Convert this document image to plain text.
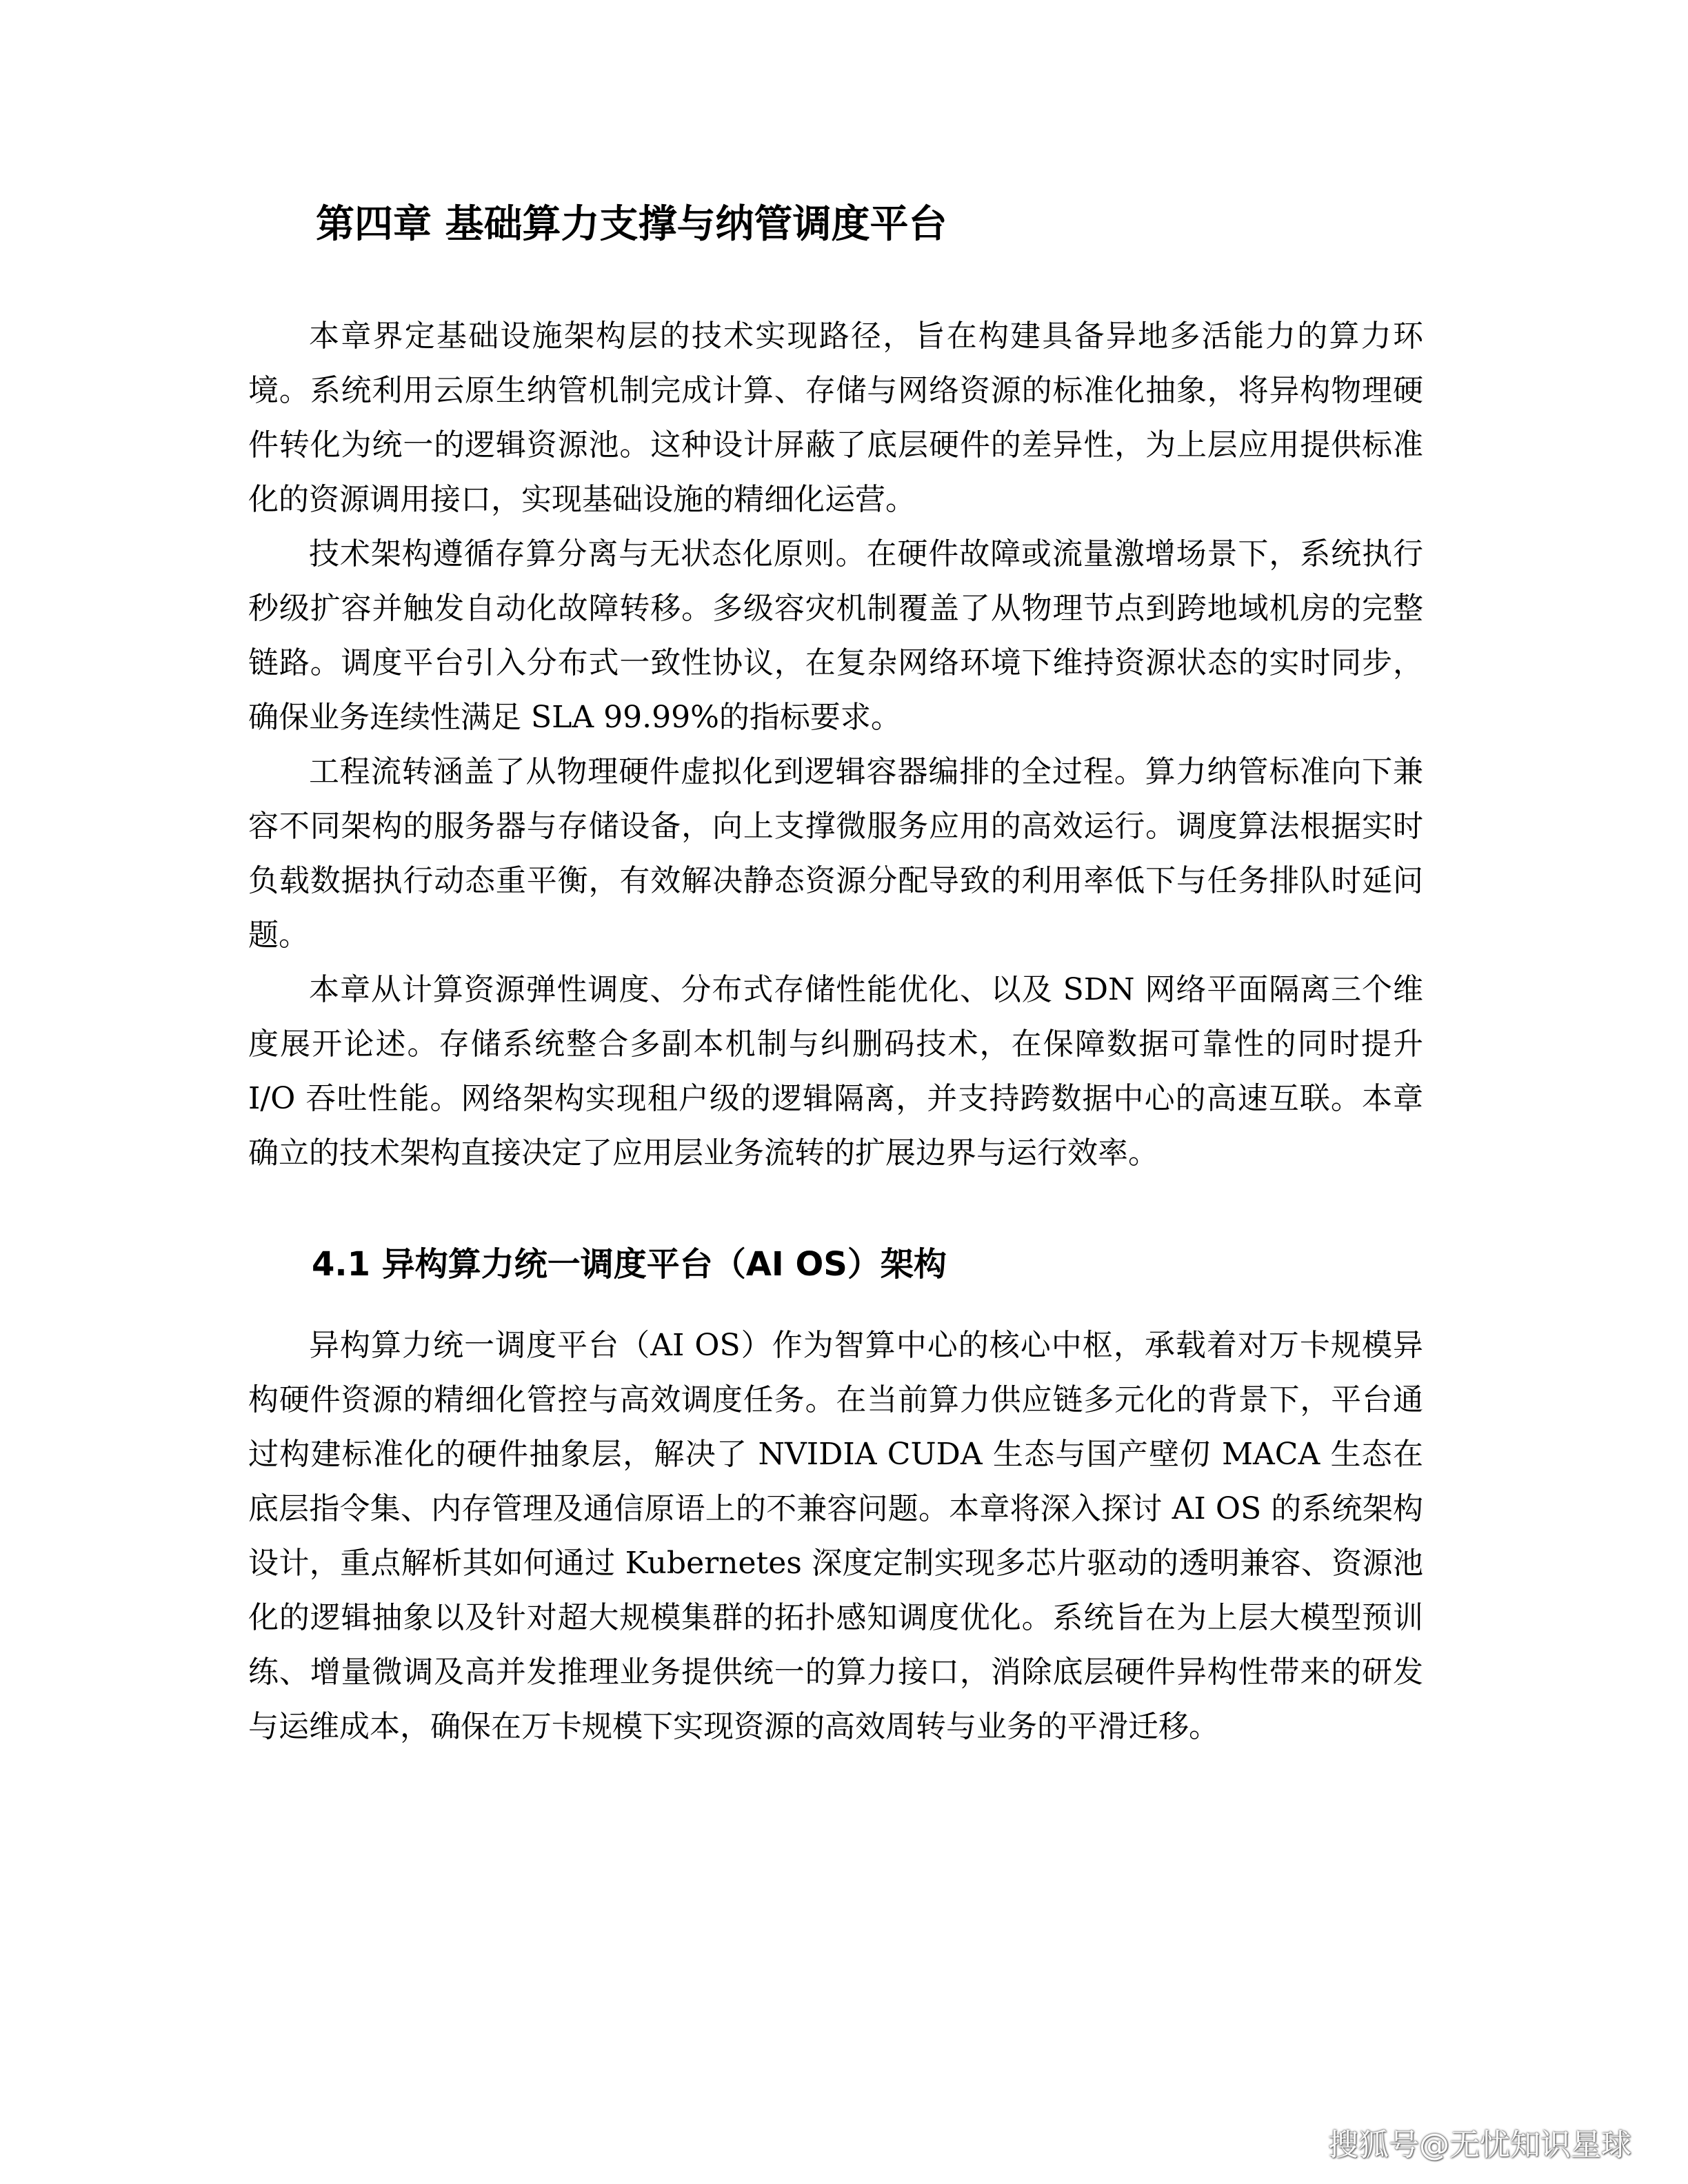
第四章 基础算力支撑与纳管调度平台

本章界定基础设施架构层的技术实现路径，旨在构建具备异地多活能力的算力环境。系统利用云原生纳管机制完成计算、存储与网络资源的标准化抽象，将异构物理硬件转化为统一的逻辑资源池。这种设计屏蔽了底层硬件的差异性，为上层应用提供标准化的资源调用接口，实现基础设施的精细化运营。

技术架构遵循存算分离与无状态化原则。在硬件故障或流量激增场景下，系统执行秒级扩容并触发自动化故障转移。多级容灾机制覆盖了从物理节点到跨地域机房的完整链路。调度平台引入分布式一致性协议，在复杂网络环境下维持资源状态的实时同步，确保业务连续性满足 SLA 99.99%的指标要求。

工程流转涵盖了从物理硬件虚拟化到逻辑容器编排的全过程。算力纳管标准向下兼容不同架构的服务器与存储设备，向上支撑微服务应用的高效运行。调度算法根据实时负载数据执行动态重平衡，有效解决静态资源分配导致的利用率低下与任务排队时延问题。

本章从计算资源弹性调度、分布式存储性能优化、以及 SDN 网络平面隔离三个维度展开论述。存储系统整合多副本机制与纠删码技术，在保障数据可靠性的同时提升 I/O 吞吐性能。网络架构实现租户级的逻辑隔离，并支持跨数据中心的高速互联。本章确立的技术架构直接决定了应用层业务流转的扩展边界与运行效率。

4.1 异构算力统一调度平台（AI OS）架构

异构算力统一调度平台（AI OS）作为智算中心的核心中枢，承载着对万卡规模异构硬件资源的精细化管控与高效调度任务。在当前算力供应链多元化的背景下，平台通过构建标准化的硬件抽象层，解决了 NVIDIA CUDA 生态与国产壁仞 MACA 生态在底层指令集、内存管理及通信原语上的不兼容问题。本章将深入探讨 AI OS 的系统架构设计，重点解析其如何通过 Kubernetes 深度定制实现多芯片驱动的透明兼容、资源池化的逻辑抽象以及针对超大规模集群的拓扑感知调度优化。系统旨在为上层大模型预训练、增量微调及高并发推理业务提供统一的算力接口，消除底层硬件异构性带来的研发与运维成本，确保在万卡规模下实现资源的高效周转与业务的平滑迁移。

搜狐号@无忧知识星球
